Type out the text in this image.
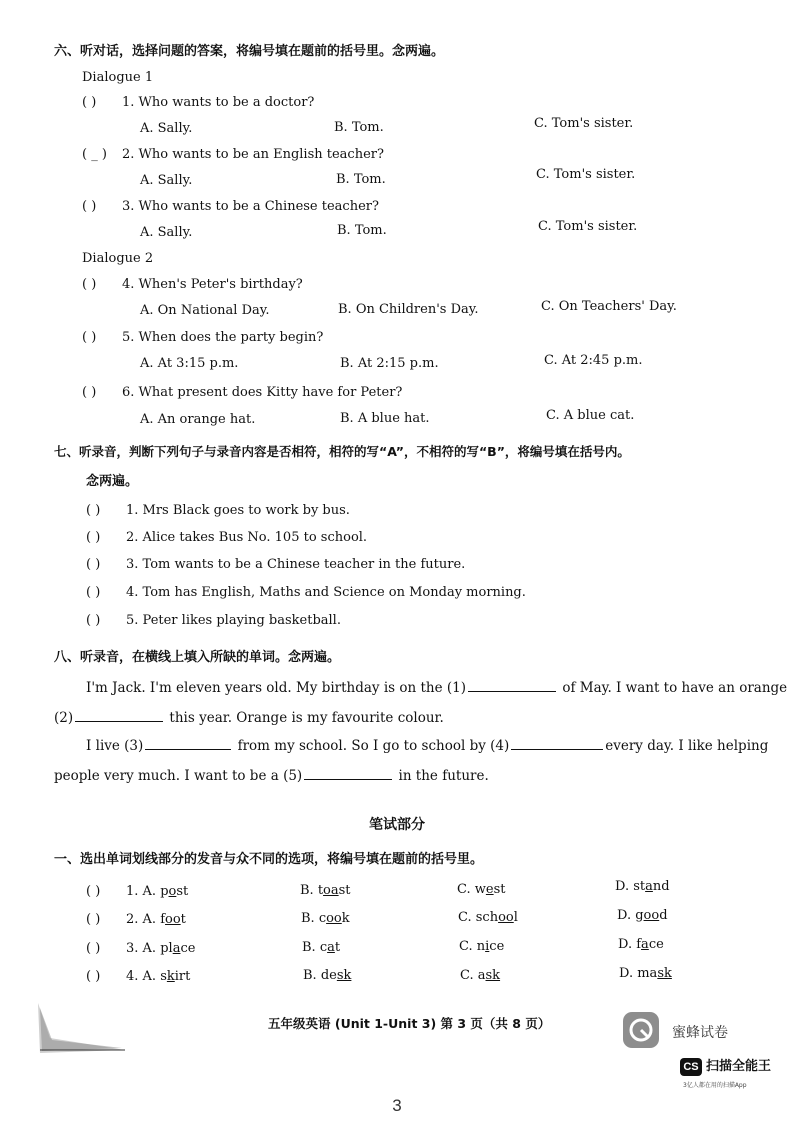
六、听对话，选择问题的答案，将编号填在题前的括号里。念两遍。
Dialogue 1
( ) 1. Who wants to be a doctor?
A. Sally.	B. Tom.	C. Tom's sister.
( _ ) 2. Who wants to be an English teacher?
A. Sally.	B. Tom.	C. Tom's sister.
( ) 3. Who wants to be a Chinese teacher?
A. Sally.	B. Tom.	C. Tom's sister.
Dialogue 2
( ) 4. When's Peter's birthday?
A. On National Day.	B. On Children's Day.	C. On Teachers' Day.
( ) 5. When does the party begin?
A. At 3:15 p.m.	B. At 2:15 p.m.	C. At 2:45 p.m.
( ) 6. What present does Kitty have for Peter?
A. An orange hat.	B. A blue hat.	C. A blue cat.
七、听录音，判断下列句子与录音内容是否相符，相符的写“A”，不相符的写“B”，将编号填在括号内。
念两遍。
( ) 1. Mrs Black goes to work by bus.
( ) 2. Alice takes Bus No. 105 to school.
( ) 3. Tom wants to be a Chinese teacher in the future.
( ) 4. Tom has English, Maths and Science on Monday morning.
( ) 5. Peter likes playing basketball.
八、听录音，在横线上填入所缺的单词。念两遍。
I'm Jack. I'm eleven years old. My birthday is on the (1)	of May. I want to have an orange
(2)	this year. Orange is my favourite colour.
I live (3)	from my school. So I go to school by (4)	every day. I like helping
people very much. I want to be a (5)	in the future.
笔试部分
一、选出单词划线部分的发音与众不同的选项，将编号填在题前的括号里。
( ) 1. A. post	B. toast	C. west	D. stand
( ) 2. A. foot	B. cook	C. school	D. good
( ) 3. A. place	B. cat	C. nice	D. face
( ) 4. A. skirt	B. desk	C. ask	D. mask
五年级英语 (Unit 1-Unit 3) 第 3 页（共 8 页）
蜜蜂试卷
CS 扫描全能王
3亿人都在用的扫描App
3
